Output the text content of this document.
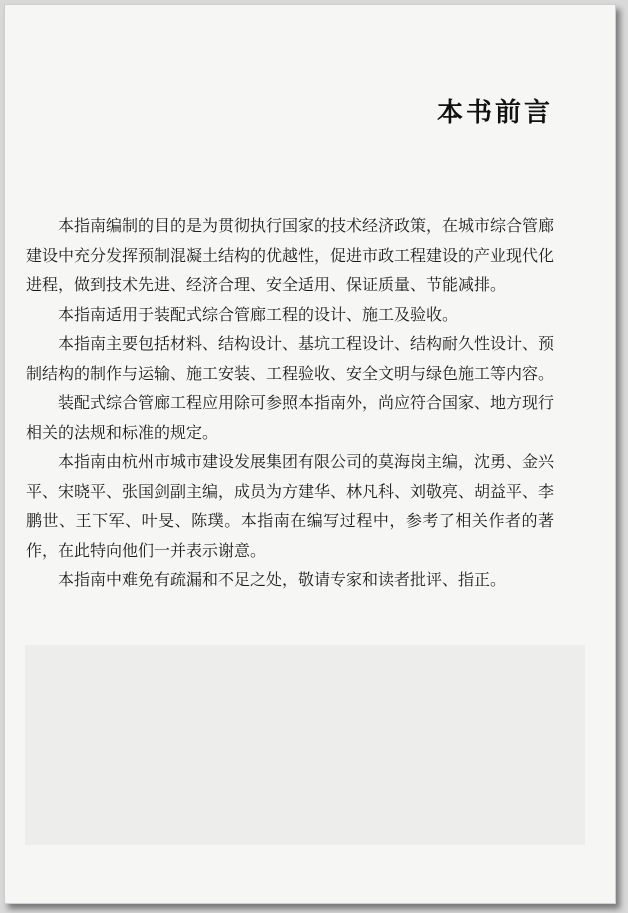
本书前言

本指南编制的目的是为贯彻执行国家的技术经济政策，在城市综合管廊建设中充分发挥预制混凝土结构的优越性，促进市政工程建设的产业现代化进程，做到技术先进、经济合理、安全适用、保证质量、节能减排。

本指南适用于装配式综合管廊工程的设计、施工及验收。

本指南主要包括材料、结构设计、基坑工程设计、结构耐久性设计、预制结构的制作与运输、施工安装、工程验收、安全文明与绿色施工等内容。

装配式综合管廊工程应用除可参照本指南外，尚应符合国家、地方现行相关的法规和标准的规定。

本指南由杭州市城市建设发展集团有限公司的莫海岗主编，沈勇、金兴平、宋晓平、张国剑副主编，成员为方建华、林凡科、刘敬亮、胡益平、李鹏世、王下军、叶旻、陈璞。本指南在编写过程中，参考了相关作者的著作，在此特向他们一并表示谢意。

本指南中难免有疏漏和不足之处，敬请专家和读者批评、指正。
